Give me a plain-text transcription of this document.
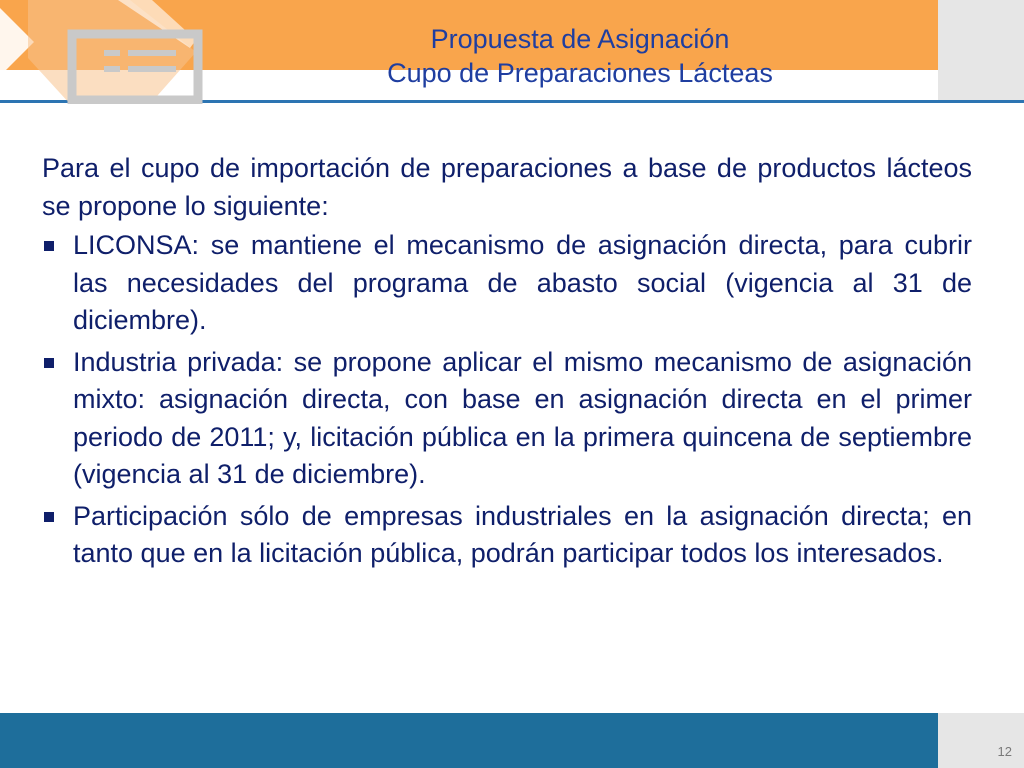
Propuesta de Asignación
Cupo de Preparaciones Lácteas

Para el cupo de importación de preparaciones a base de productos lácteos se propone lo siguiente:

LICONSA: se mantiene el mecanismo de asignación directa, para cubrir las necesidades del programa de abasto social (vigencia al 31 de diciembre).
Industria privada: se propone aplicar el mismo mecanismo de asignación mixto: asignación directa, con base en asignación directa en el primer periodo de 2011; y, licitación pública en la primera quincena de septiembre (vigencia al 31 de diciembre).
Participación sólo de empresas industriales en la asignación directa; en tanto que en la licitación pública, podrán participar todos los interesados.
12
